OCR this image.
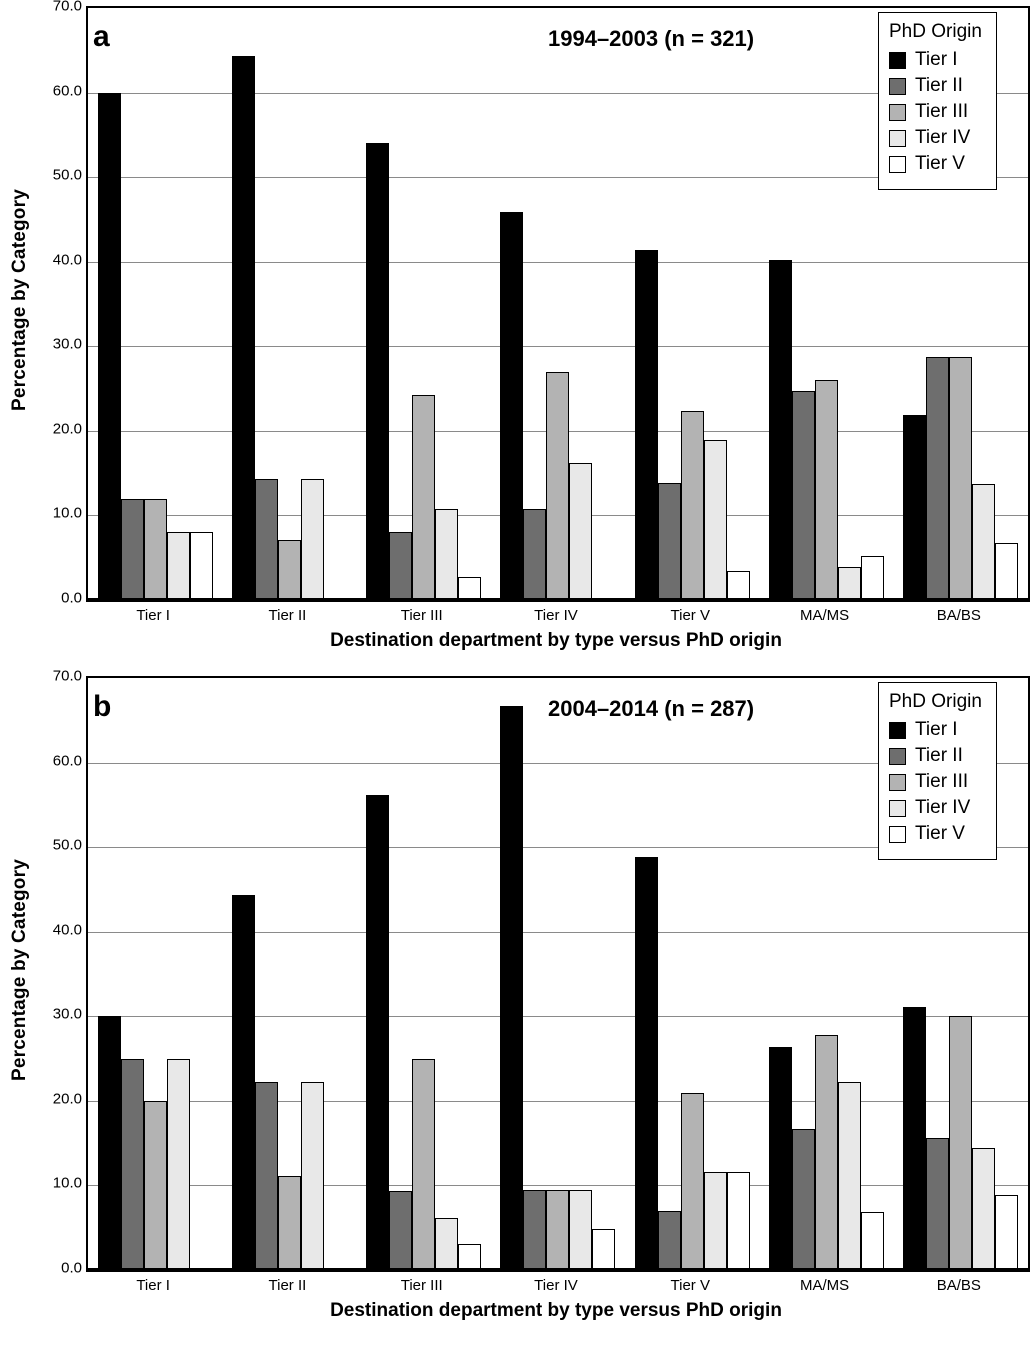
Percentage by Category
0.0
10.0
20.0
30.0
40.0
50.0
60.0
70.0
Tier I	Tier II	Tier III	Tier IV	Tier V	MA/MS	BA/BS
Destination department by type versus PhD origin
a	1994–2003 (n = 321)	PhD Origin
Tier I
Tier II
Tier III
Tier IV
Tier V
Percentage by Category
0.0
10.0
20.0
30.0
40.0
50.0
60.0
70.0
Tier I	Tier II	Tier III	Tier IV	Tier V	MA/MS	BA/BS
Destination department by type versus PhD origin
b	2004–2014 (n = 287)	PhD Origin
Tier I
Tier II
Tier III
Tier IV
Tier V
